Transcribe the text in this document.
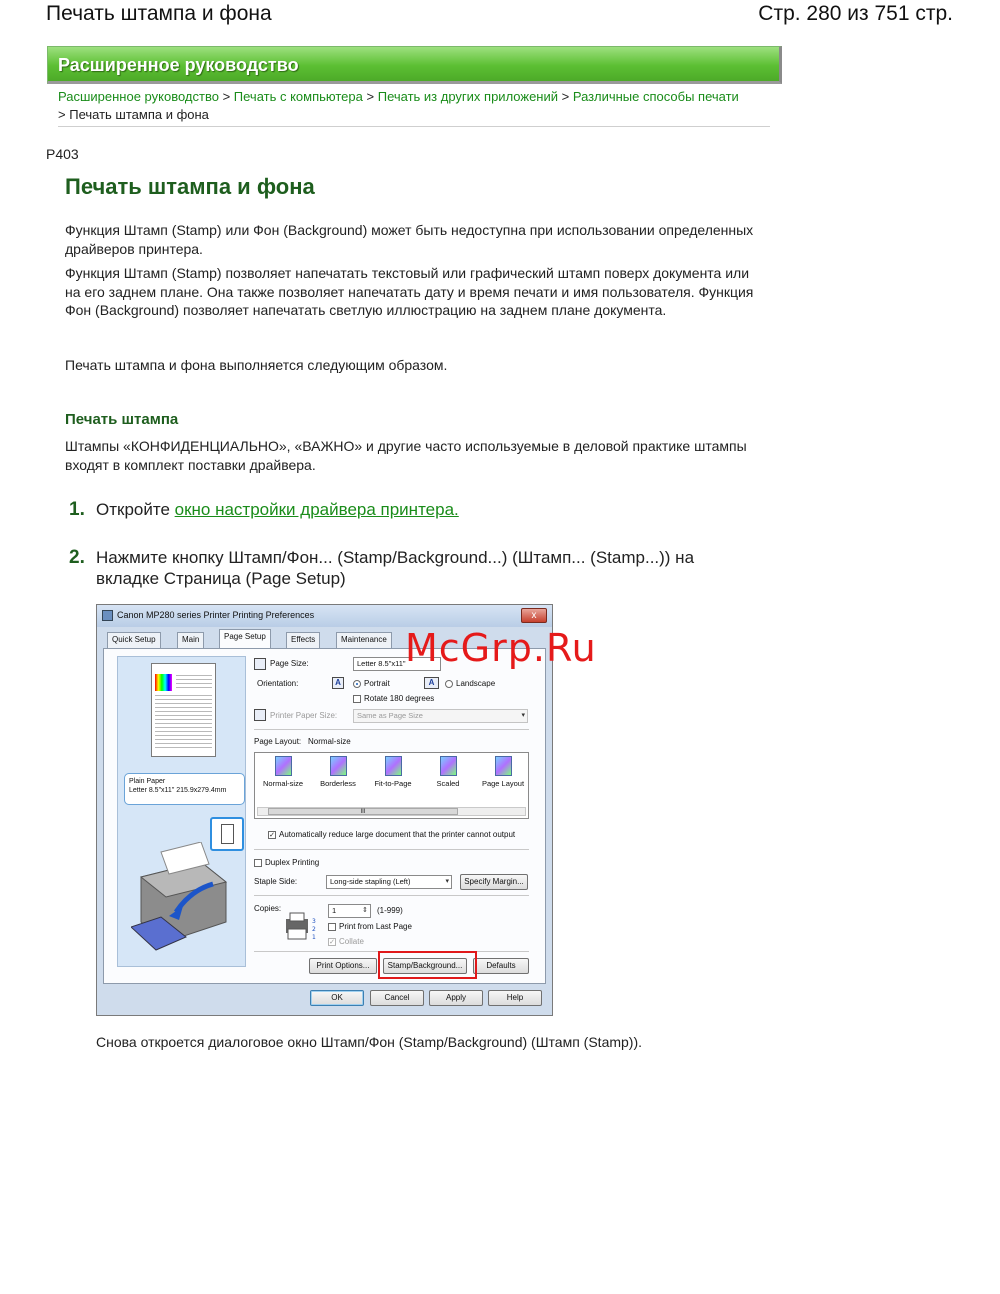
Печать штампа и фона	Стр. 280 из 751 стр.
Расширенное руководство
Расширенное руководство > Печать с компьютера > Печать из других приложений > Различные способы печати
> Печать штампа и фона
P403
Печать штампа и фона
Функция Штамп (Stamp) или Фон (Background) может быть недоступна при использовании определенных драйверов принтера.
Функция Штамп (Stamp) позволяет напечатать текстовый или графический штамп поверх документа или на его заднем плане. Она также позволяет напечатать дату и время печати и имя пользователя. Функция Фон (Background) позволяет напечатать светлую иллюстрацию на заднем плане документа.
Печать штампа и фона выполняется следующим образом.
Печать штампа
Штампы «КОНФИДЕНЦИАЛЬНО», «ВАЖНО» и другие часто используемые в деловой практике штампы входят в комплект поставки драйвера.
1. Откройте окно настройки драйвера принтера.
2. Нажмите кнопку Штамп/Фон... (Stamp/Background...) (Штамп... (Stamp...)) на вкладке Страница (Page Setup)
Canon MP280 series Printer Printing Preferences	x
Quick Setup	Main	Page Setup	Effects	Maintenance
Plain Paper
Letter 8.5"x11" 215.9x279.4mm
Page Size:	Letter 8.5"x11"
Orientation:	A	Portrait	A	Landscape
Rotate 180 degrees
Printer Paper Size:	Same as Page Size	▾
Page Layout: Normal-size
Normal-size	Borderless	Fit-to-Page	Scaled	Page Layout
III
✓ Automatically reduce large document that the printer cannot output
Duplex Printing
Staple Side:	Long-side stapling (Left)	▾	Specify Margin...
Copies:
3
2
1
1	⇕ (1-999)
Print from Last Page
✓ Collate
Print Options...	Stamp/Background...	Defaults
OK	Cancel	Apply	Help
McGrp.Ru
Снова откроется диалоговое окно Штамп/Фон (Stamp/Background) (Штамп (Stamp)).
